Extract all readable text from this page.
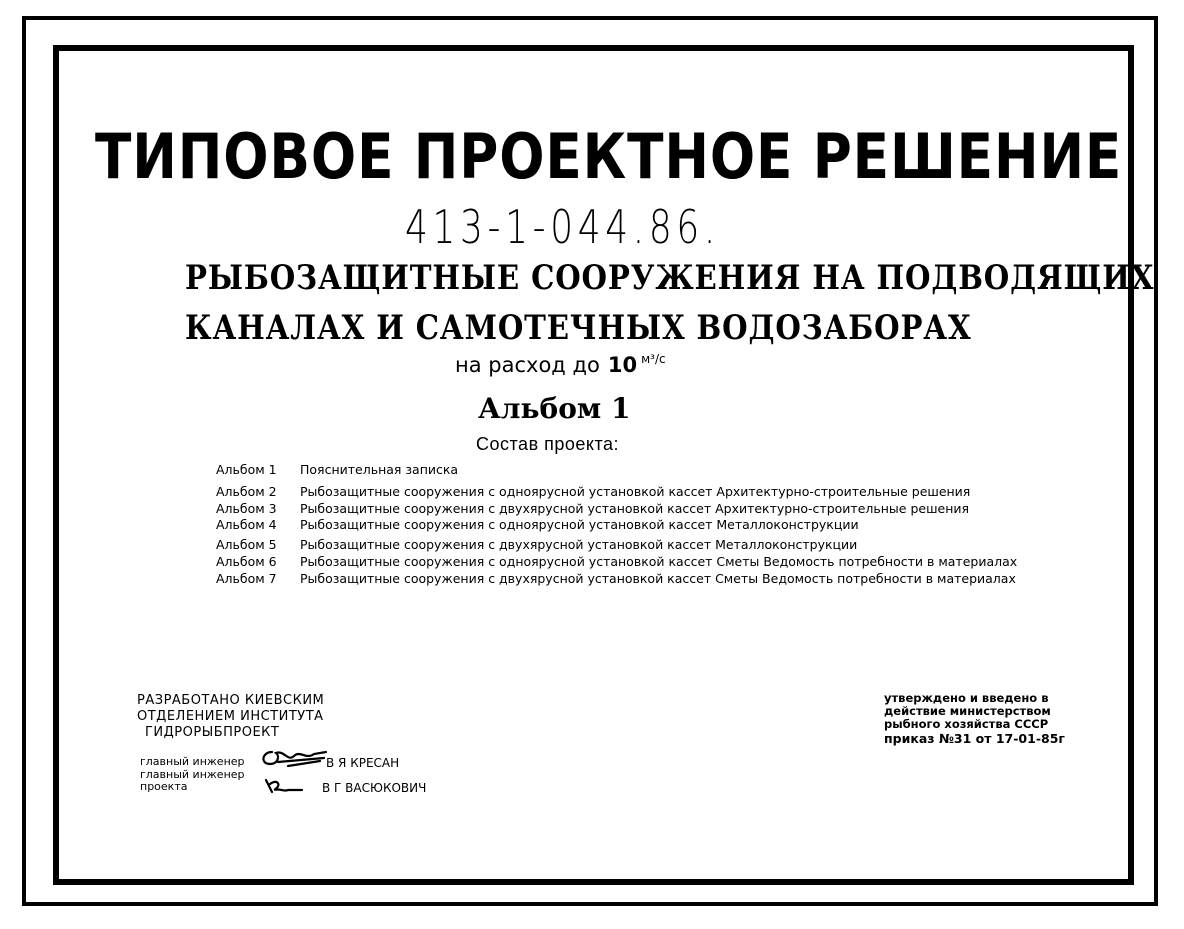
ТИПОВОЕ ПРОЕКТНОЕ РЕШЕНИЕ
413-1-044.86.
РЫБОЗАЩИТНЫЕ СООРУЖЕНИЯ НА ПОДВОДЯЩИХ
КАНАЛАХ И САМОТЕЧНЫХ ВОДОЗАБОРАХ
на расход до 10 $^{м^3/с}$
Альбом 1
Состав проекта:
Альбом 1 Пояснительная записка
Альбом 2 Рыбозащитные сооружения с одноярусной установкой кассет Архитектурно-строительные решения
Альбом 3 Рыбозащитные сооружения с двухярусной установкой кассет Архитектурно-строительные решения
Альбом 4 Рыбозащитные сооружения с одноярусной установкой кассет Металлоконструкции
Альбом 5 Рыбозащитные сооружения с двухярусной установкой кассет Металлоконструкции
Альбом 6 Рыбозащитные сооружения с одноярусной установкой кассет Сметы Ведомость потребности в материалах
Альбом 7 Рыбозащитные сооружения с двухярусной установкой кассет Сметы Ведомость потребности в материалах
РАЗРАБОТАНО КИЕВСКИМ
ОТДЕЛЕНИЕМ ИНСТИТУТА
ГИДРОРЫБПРОЕКТ
главный инженер	В Я КРЕСАН
главный инженер
проекта	В Г ВАСЮКОВИЧ
утверждено и введено в
действие министерством
рыбного хозяйства СССР
приказ №31 от 17-01-85г
